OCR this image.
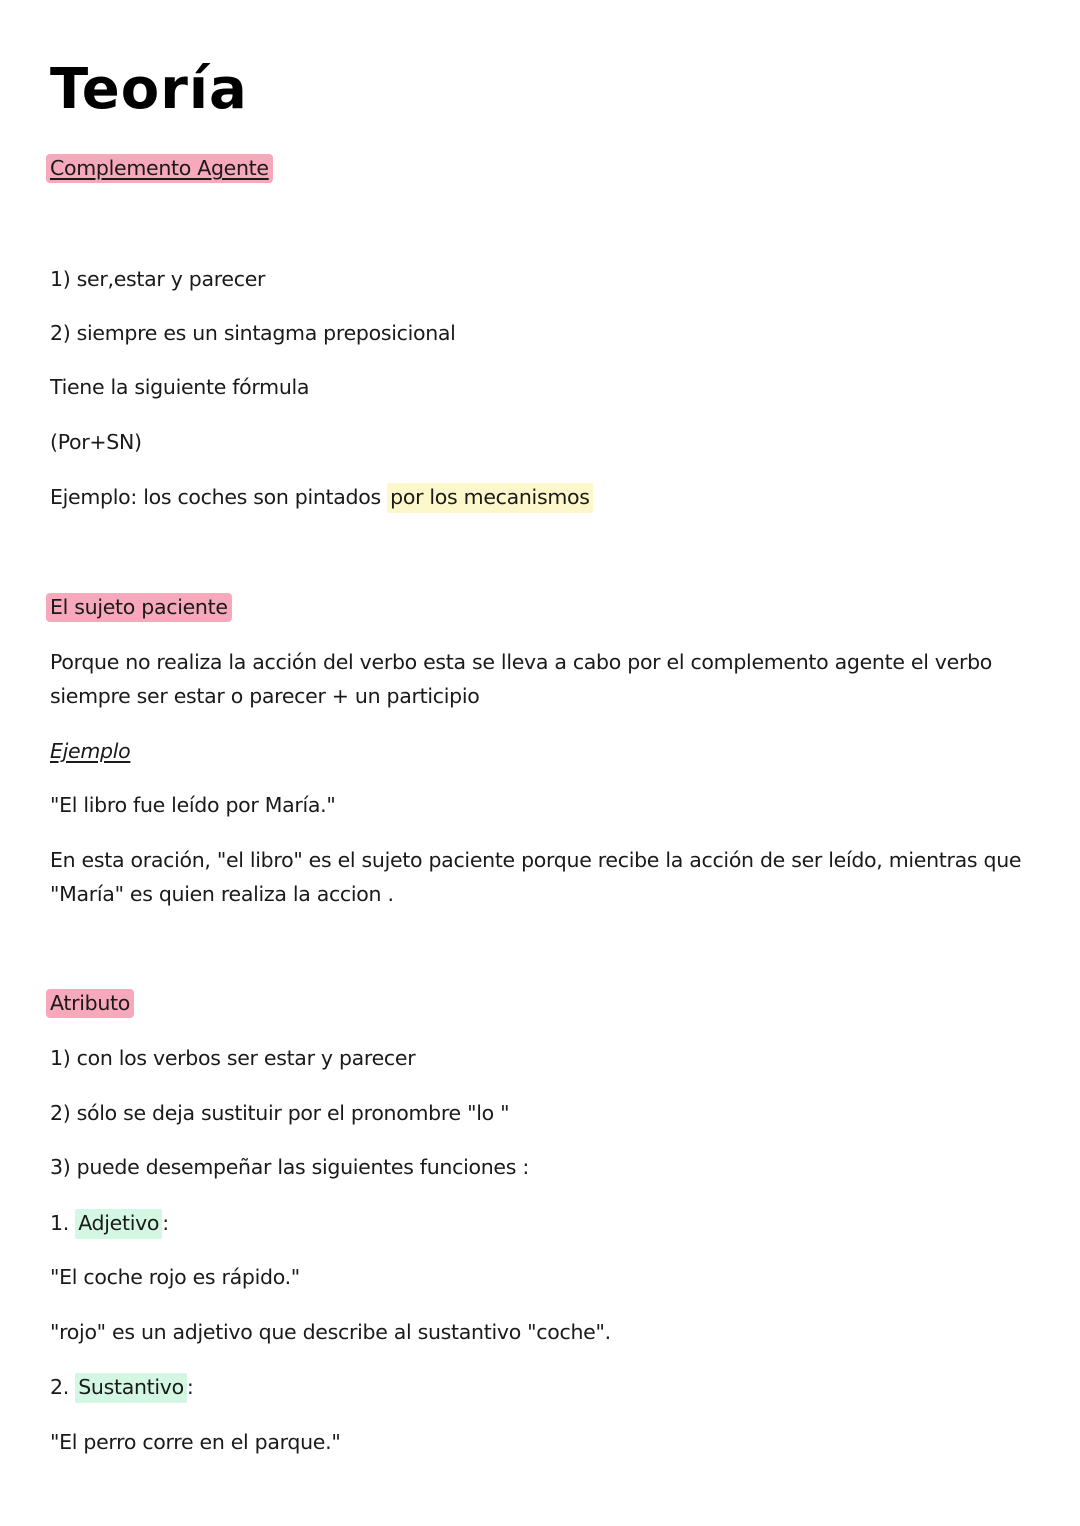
Teoría
Complemento Agente
1) ser,estar y parecer
2) siempre es un sintagma preposicional
Tiene la siguiente fórmula
(Por+SN)
Ejemplo: los coches son pintados por los mecanismos
El sujeto paciente
Porque no realiza la acción del verbo esta se lleva a cabo por el complemento agente el verbo siempre ser estar o parecer + un participio
Ejemplo
"El libro fue leído por María."
En esta oración, "el libro" es el sujeto paciente porque recibe la acción de ser leído, mientras que "María" es quien realiza la accion .
Atributo
1) con los verbos ser estar y parecer
2) sólo se deja sustituir por el pronombre "lo "
3) puede desempeñar las siguientes funciones :
1. Adjetivo :
"El coche rojo es rápido."
"rojo" es un adjetivo que describe al sustantivo "coche".
2. Sustantivo :
"El perro corre en el parque."
